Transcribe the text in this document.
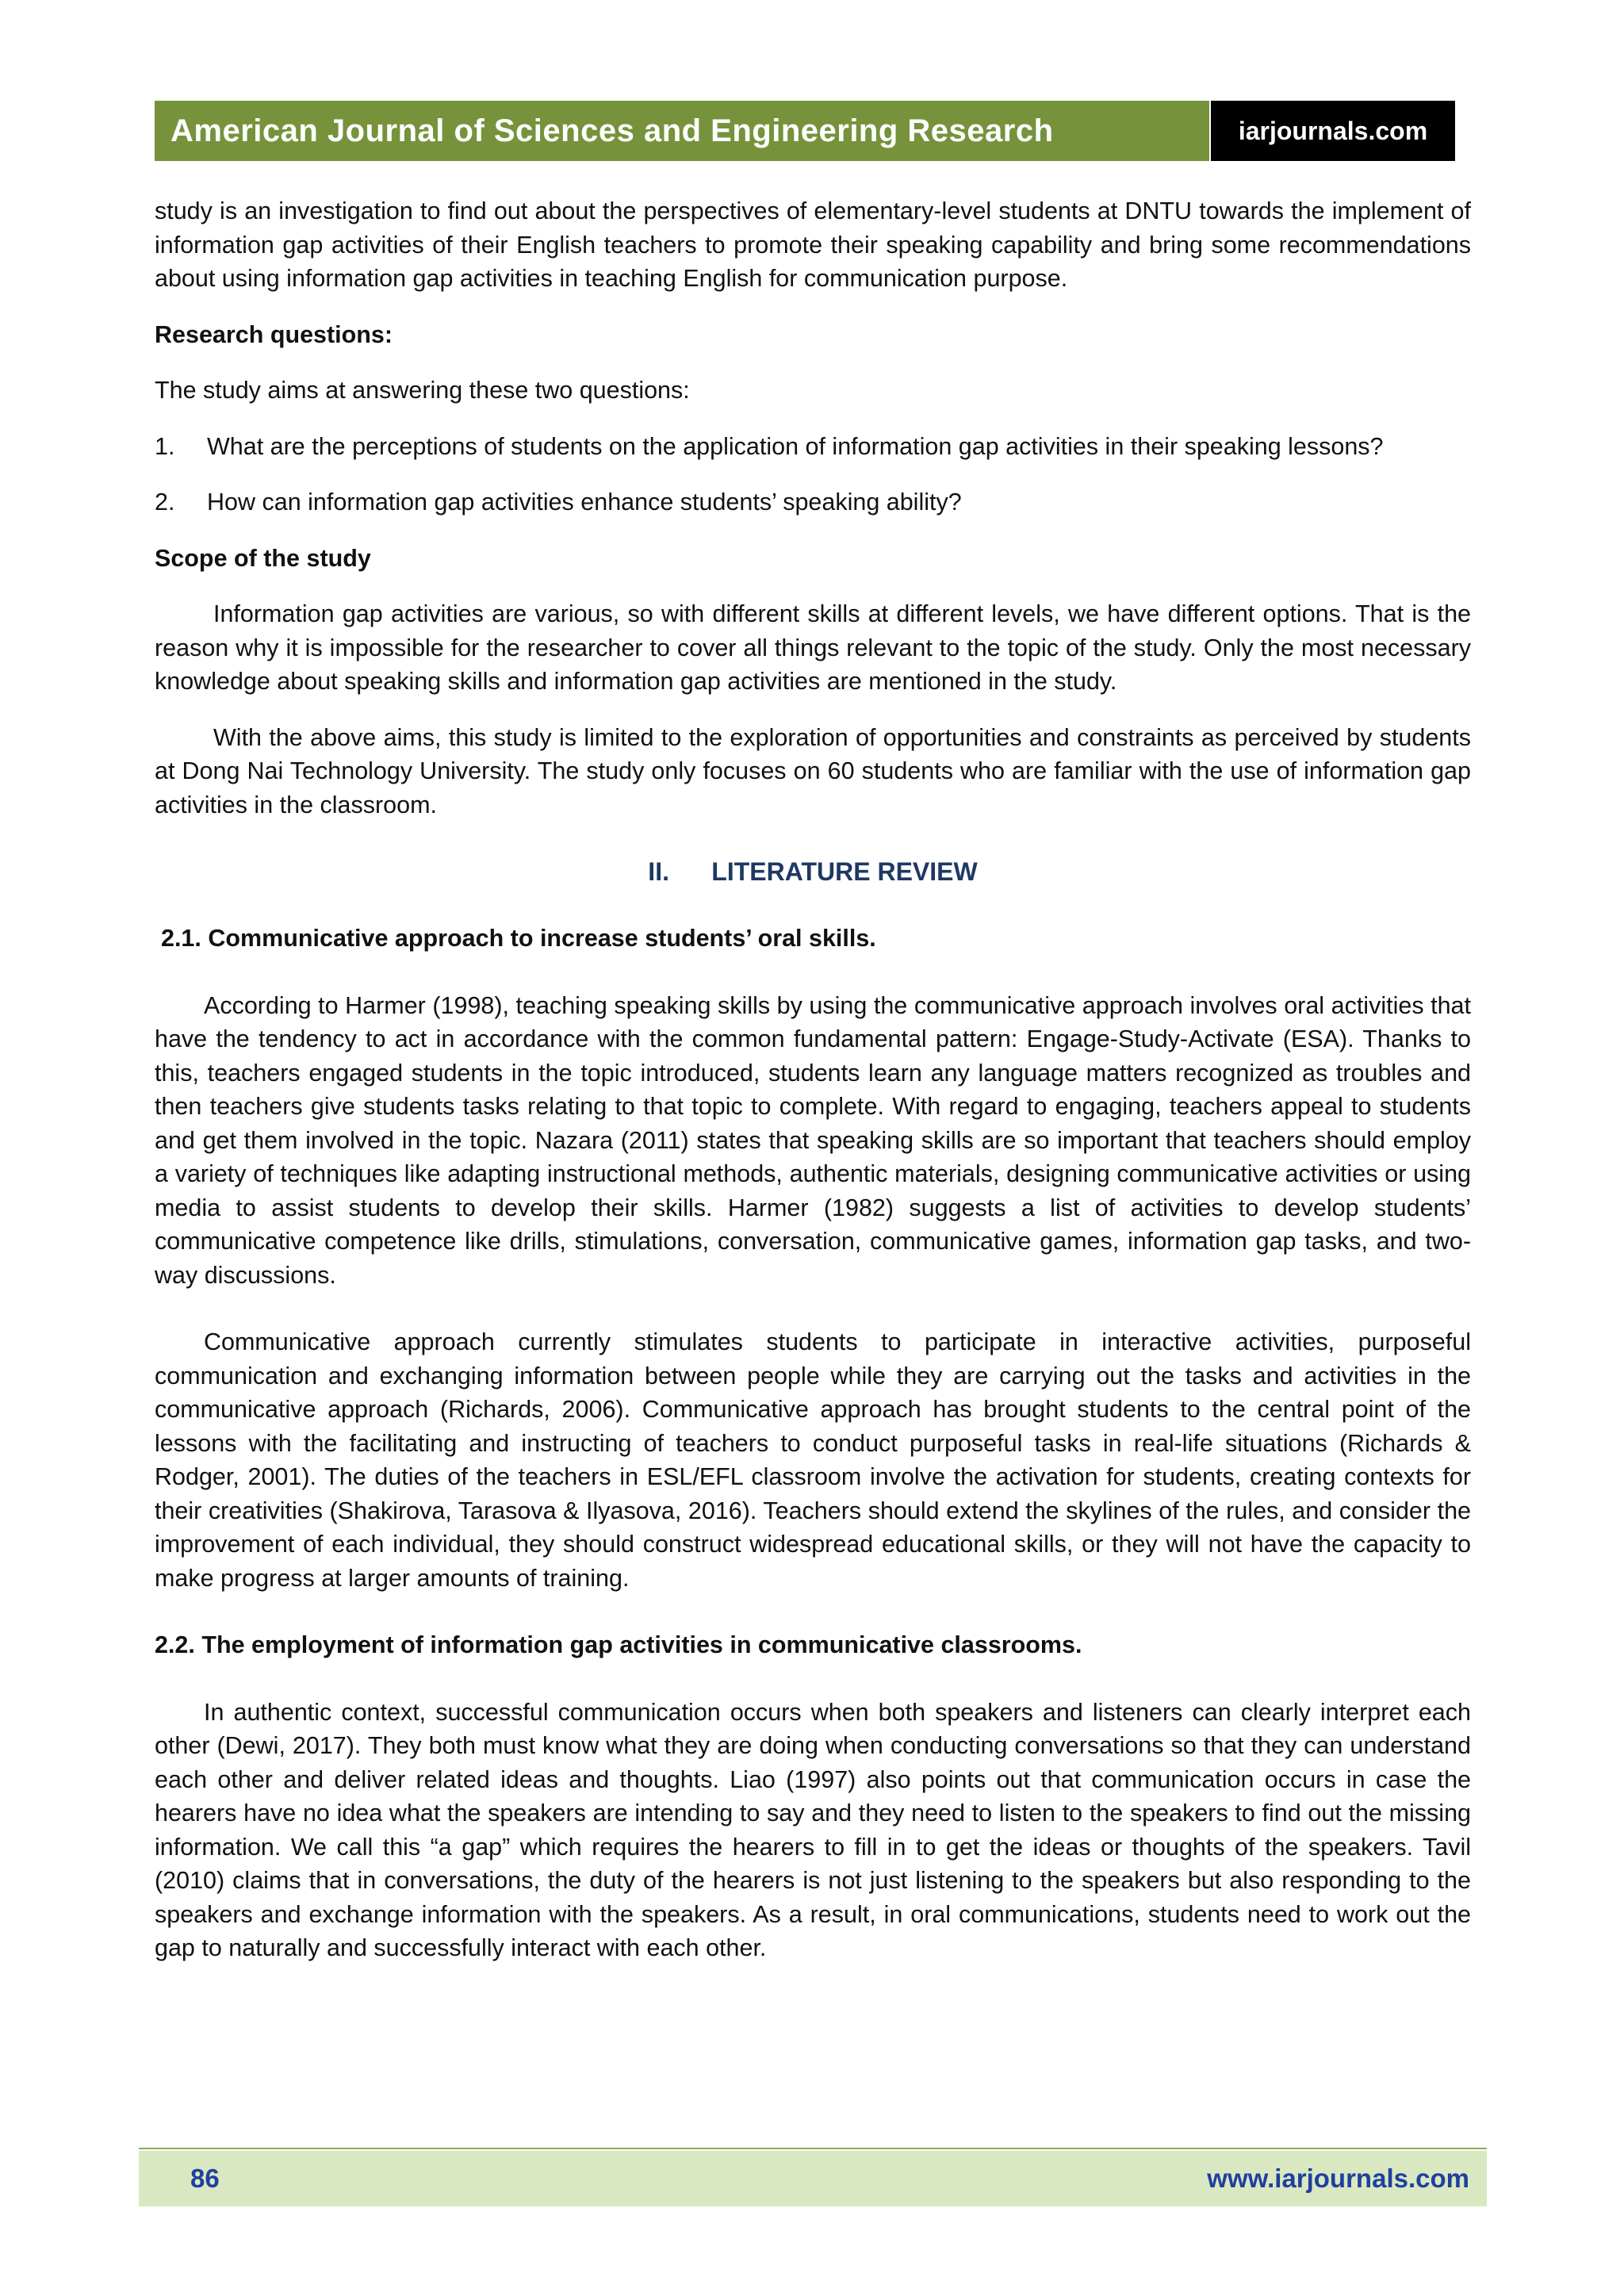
American Journal of Sciences and Engineering Research	iarjournals.com

study is an investigation to find out about the perspectives of elementary-level students at DNTU towards the implement of information gap activities of their English teachers to promote their speaking capability and bring some recommendations about using information gap activities in teaching English for communication purpose.

Research questions:

The study aims at answering these two questions:

1.	What are the perceptions of students on the application of information gap activities in their speaking lessons?
2.	How can information gap activities enhance students’ speaking ability?

Scope of the study

Information gap activities are various, so with different skills at different levels, we have different options. That is the reason why it is impossible for the researcher to cover all things relevant to the topic of the study. Only the most necessary knowledge about speaking skills and information gap activities are mentioned in the study.

With the above aims, this study is limited to the exploration of opportunities and constraints as perceived by students at Dong Nai Technology University. The study only focuses on 60 students who are familiar with the use of information gap activities in the classroom.

II. LITERATURE REVIEW

2.1. Communicative approach to increase students’ oral skills.

According to Harmer (1998), teaching speaking skills by using the communicative approach involves oral activities that have the tendency to act in accordance with the common fundamental pattern: Engage-Study-Activate (ESA). Thanks to this, teachers engaged students in the topic introduced, students learn any language matters recognized as troubles and then teachers give students tasks relating to that topic to complete. With regard to engaging, teachers appeal to students and get them involved in the topic. Nazara (2011) states that speaking skills are so important that teachers should employ a variety of techniques like adapting instructional methods, authentic materials, designing communicative activities or using media to assist students to develop their skills. Harmer (1982) suggests a list of activities to develop students’ communicative competence like drills, stimulations, conversation, communicative games, information gap tasks, and two-way discussions.

Communicative approach currently stimulates students to participate in interactive activities, purposeful communication and exchanging information between people while they are carrying out the tasks and activities in the communicative approach (Richards, 2006). Communicative approach has brought students to the central point of the lessons with the facilitating and instructing of teachers to conduct purposeful tasks in real-life situations (Richards & Rodger, 2001). The duties of the teachers in ESL/EFL classroom involve the activation for students, creating contexts for their creativities (Shakirova, Tarasova & Ilyasova, 2016). Teachers should extend the skylines of the rules, and consider the improvement of each individual, they should construct widespread educational skills, or they will not have the capacity to make progress at larger amounts of training.

2.2. The employment of information gap activities in communicative classrooms.

In authentic context, successful communication occurs when both speakers and listeners can clearly interpret each other (Dewi, 2017). They both must know what they are doing when conducting conversations so that they can understand each other and deliver related ideas and thoughts. Liao (1997) also points out that communication occurs in case the hearers have no idea what the speakers are intending to say and they need to listen to the speakers to find out the missing information. We call this “a gap” which requires the hearers to fill in to get the ideas or thoughts of the speakers. Tavil (2010) claims that in conversations, the duty of the hearers is not just listening to the speakers but also responding to the speakers and exchange information with the speakers. As a result, in oral communications, students need to work out the gap to naturally and successfully interact with each other.

86	www.iarjournals.com
